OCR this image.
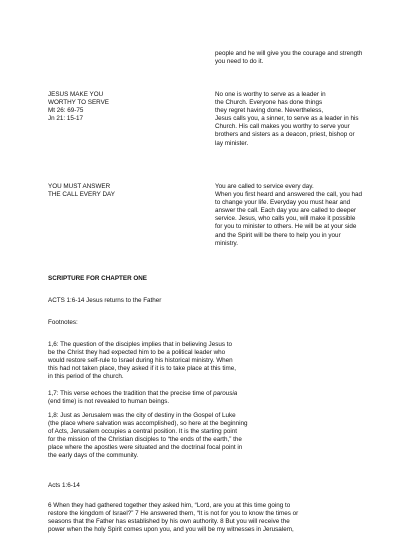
people and he will give you the courage and strength
you need to do it.
JESUS MAKE YOU
WORTHY TO SERVE
Mt 26: 69-75
Jn 21: 15-17
No one is worthy to serve as a leader in
the Church. Everyone has done things
they regret having done. Nevertheless,
Jesus calls you, a sinner, to serve as a leader in his
Church. His call makes you worthy to serve your
brothers and sisters as a deacon, priest, bishop or
lay minister.
YOU MUST ANSWER
THE CALL EVERY DAY
You are called to service every day.
When you first heard and answered the call, you had
to change your life. Everyday you must hear and
answer the call. Each day you are called to deeper
service. Jesus, who calls you, will make it possible
for you to minister to others. He will be at your side
and the Spirit will be there to help you in your
ministry.
SCRIPTURE FOR CHAPTER ONE
ACTS 1:6-14 Jesus returns to the Father
Footnotes:
1,6: The question of the disciples implies that in believing Jesus to
be the Christ they had expected him to be a political leader who
would restore self-rule to Israel during his historical ministry. When
this had not taken place, they asked if it is to take place at this time,
in this period of the church.
1,7: This verse echoes the tradition that the precise time of parousia
(end time) is not revealed to human beings.
1,8: Just as Jerusalem was the city of destiny in the Gospel of Luke
(the place where salvation was accomplished), so here at the beginning
of Acts, Jerusalem occupies a central position. It is the starting point
for the mission of the Christian disciples to “the ends of the earth,” the
place where the apostles were situated and the doctrinal focal point in
the early days of the community.
Acts 1:6-14
6 When they had gathered together they asked him, “Lord, are you at this time going to
restore the kingdom of Israel?” 7 He answered them, “It is not for you to know the times or
seasons that the Father has established by his own authority. 8 But you will receive the
power when the holy Spirit comes upon you, and you will be my witnesses in Jerusalem,
